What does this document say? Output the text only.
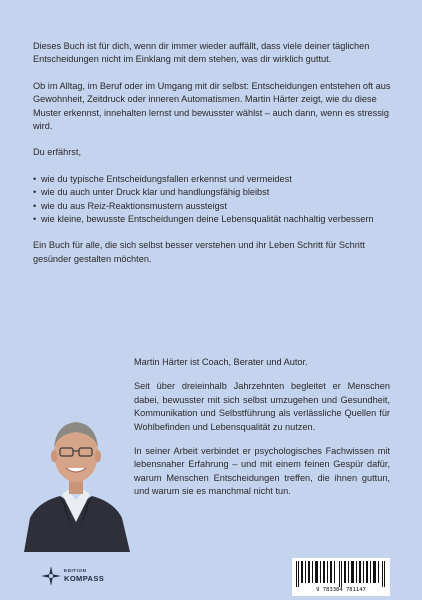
Dieses Buch ist für dich, wenn dir immer wieder auffällt, dass viele deiner täglichen Entscheidungen nicht im Einklang mit dem stehen, was dir wirklich guttut.

Ob im Alltag, im Beruf oder im Umgang mit dir selbst: Entscheidungen entstehen oft aus Gewohnheit, Zeitdruck oder inneren Automatismen. Martin Härter zeigt, wie du diese Muster erkennst, innehalten lernst und bewusster wählst – auch dann, wenn es stressig wird.

Du erfährst,

• wie du typische Entscheidungsfallen erkennst und vermeidest
• wie du auch unter Druck klar und handlungsfähig bleibst
• wie du aus Reiz-Reaktionsmustern aussteigst
• wie kleine, bewusste Entscheidungen deine Lebensqualität nachhaltig verbessern

Ein Buch für alle, die sich selbst besser verstehen und ihr Leben Schritt für Schritt gesünder gestalten möchten.

Martin Härter ist Coach, Berater und Autor.

Seit über dreieinhalb Jahrzehnten begleitet er Menschen dabei, bewusster mit sich selbst umzugehen und Gesundheit, Kommunikation und Selbstführung als verlässliche Quellen für Wohlbefinden und Lebensqualität zu nutzen.

In seiner Arbeit verbindet er psychologisches Fachwissen mit lebensnaher Erfahrung – und mit einem feinen Gespür dafür, warum Menschen Entscheidungen treffen, die ihnen guttun, und warum sie es manchmal nicht tun.

EDITION
KOMPASS
9 783384 781147
